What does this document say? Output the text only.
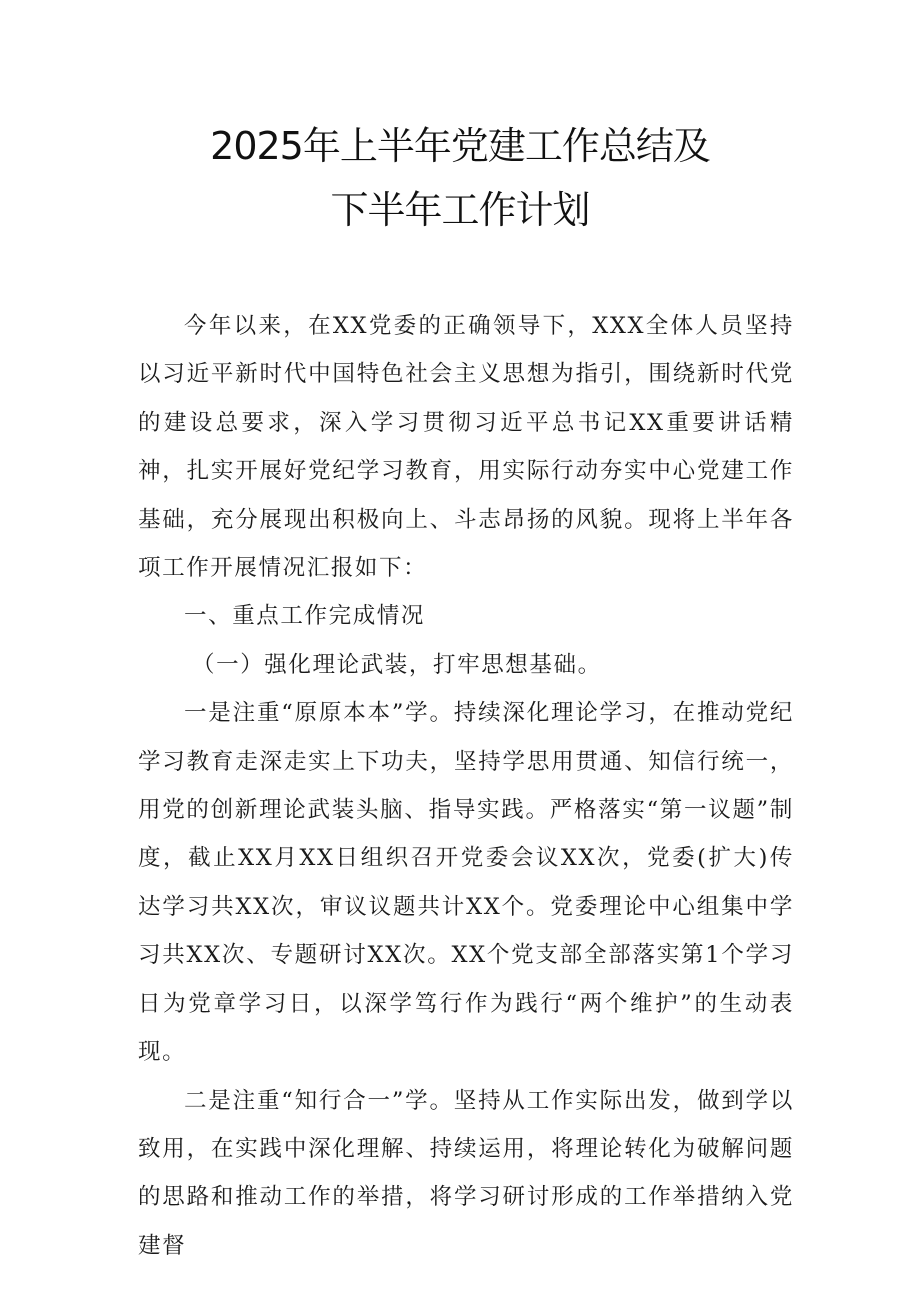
2025年上半年党建工作总结及
下半年工作计划

今年以来，在XX党委的正确领导下，XXX全体人员坚持以习近平新时代中国特色社会主义思想为指引，围绕新时代党的建设总要求，深入学习贯彻习近平总书记XX重要讲话精神，扎实开展好党纪学习教育，用实际行动夯实中心党建工作基础，充分展现出积极向上、斗志昂扬的风貌。现将上半年各项工作开展情况汇报如下：

一、重点工作完成情况

（一）强化理论武装，打牢思想基础。

一是注重“原原本本”学。持续深化理论学习，在推动党纪学习教育走深走实上下功夫，坚持学思用贯通、知信行统一，用党的创新理论武装头脑、指导实践。严格落实“第一议题”制度，截止XX月XX日组织召开党委会议XX次，党委(扩大)传达学习共XX次，审议议题共计XX个。党委理论中心组集中学习共XX次、专题研讨XX次。XX个党支部全部落实第1个学习日为党章学习日，以深学笃行作为践行“两个维护”的生动表现。

二是注重“知行合一”学。坚持从工作实际出发，做到学以致用，在实践中深化理解、持续运用，将理论转化为破解问题的思路和推动工作的举措，将学习研讨形成的工作举措纳入党建督
